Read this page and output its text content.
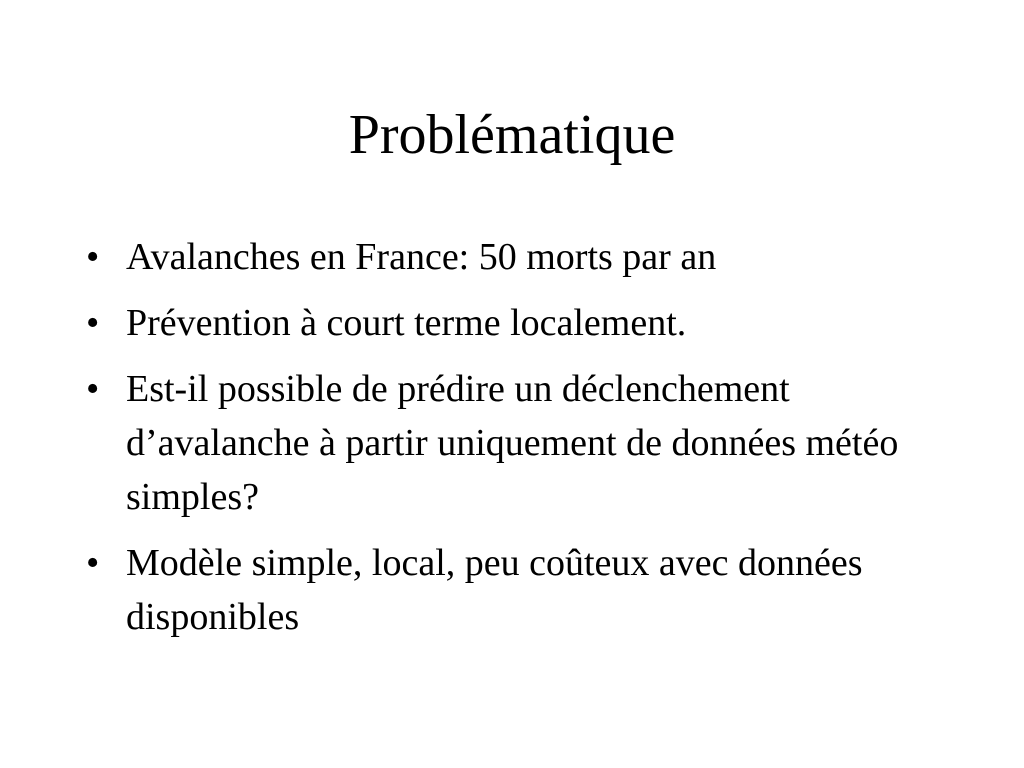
Problématique
• Avalanches en France: 50 morts par an
• Prévention à court terme localement.
• Est-il possible de prédire un déclenchement d’avalanche à partir uniquement de données météo simples?
• Modèle simple, local, peu coûteux avec données disponibles
